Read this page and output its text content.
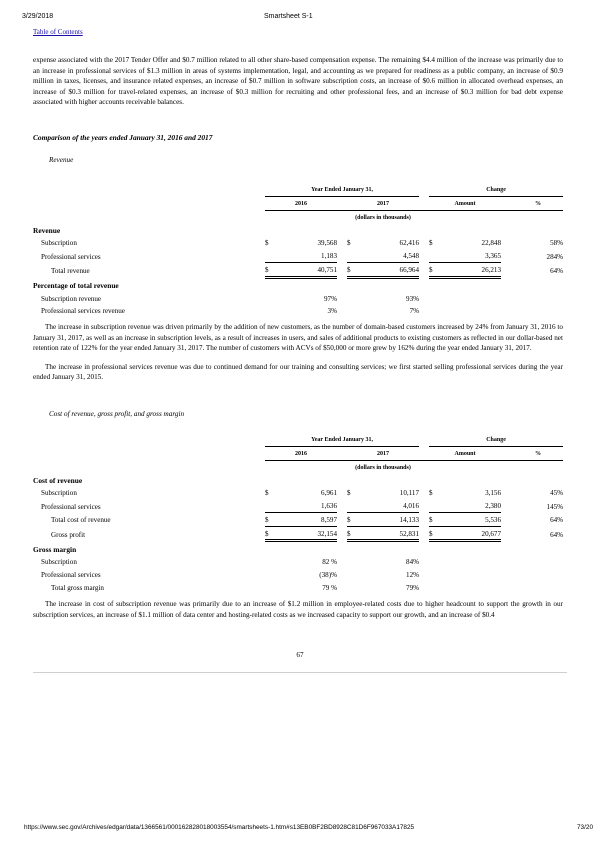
3/29/2018	Smartsheet S-1
Table of Contents

expense associated with the 2017 Tender Offer and $0.7 million related to all other share-based compensation expense. The remaining $4.4 million of the increase was primarily due to an increase in professional services of $1.3 million in areas of systems implementation, legal, and accounting as we prepared for readiness as a public company, an increase of $0.9 million in taxes, licenses, and insurance related expenses, an increase of $0.7 million in software subscription costs, an increase of $0.6 million in allocated overhead expenses, an increase of $0.3 million for travel-related expenses, an increase of $0.3 million for recruiting and other professional fees, and an increase of $0.3 million for bad debt expense associated with higher accounts receivable balances.

Comparison of the years ended January 31, 2016 and 2017

Revenue

	Year Ended January 31,						Change			
	2016			2017			Amount			%
	(dollars in thousands)									
Revenue										
Subscription	$	39,568		$	62,416		$	22,848		58%
Professional services		1,183			4,548			3,365		284%
Total revenue	$	40,751		$	66,964		$	26,213		64%
Percentage of total revenue										
Subscription revenue		97%			93%					
Professional services revenue		3%			7%					

The increase in subscription revenue was driven primarily by the addition of new customers, as the number of domain-based customers increased by 24% from January 31, 2016 to January 31, 2017, as well as an increase in subscription levels, as a result of increases in users, and sales of additional products to existing customers as reflected in our dollar-based net retention rate of 122% for the year ended January 31, 2017. The number of customers with ACVs of $50,000 or more grew by 162% during the year ended January 31, 2017.

The increase in professional services revenue was due to continued demand for our training and consulting services; we first started selling professional services during the year ended January 31, 2015.

Cost of revenue, gross profit, and gross margin

	Year Ended January 31,						Change			
	2016			2017			Amount			%
	(dollars in thousands)									
Cost of revenue										
Subscription	$	6,961		$	10,117		$	3,156		45%
Professional services		1,636			4,016			2,380		145%
Total cost of revenue	$	8,597		$	14,133		$	5,536		64%
Gross profit	$	32,154		$	52,831		$	20,677		64%
Gross margin										
Subscription		82 %			84%					
Professional services		(38)%			12%					
Total gross margin		79 %			79%					

The increase in cost of subscription revenue was primarily due to an increase of $1.2 million in employee-related costs due to higher headcount to support the growth in our subscription services, an increase of $1.1 million of data center and hosting-related costs as we increased capacity to support our growth, and an increase of $0.4

67
https://www.sec.gov/Archives/edgar/data/1366561/000162828018003554/smartsheets-1.htm#s13EB0BF2BD8928C81D6F967033A17825	73/20
